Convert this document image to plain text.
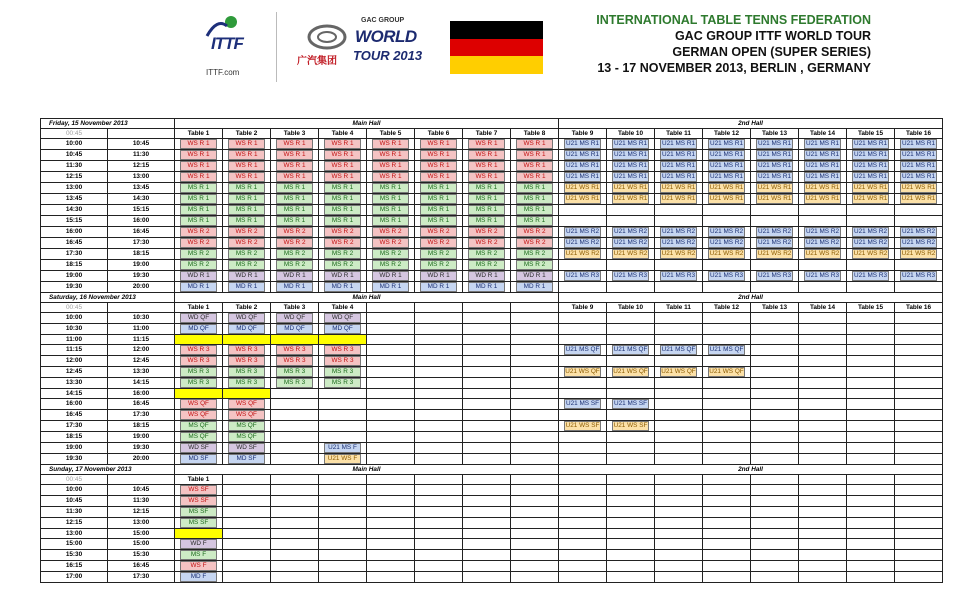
ITTF
ITTF.com
GAC GROUP
WORLD
TOUR 2013
广汽集团
INTERNATIONAL TABLE TENNS FEDERATION
GAC GROUP ITTF WORLD TOUR
GERMAN OPEN (SUPER SERIES)
13 - 17 NOVEMBER 2013, BERLIN , GERMANY
Friday, 15 November 2013		Main Hall								2nd Hall							
00:45		Table 1	Table 2	Table 3	Table 4	Table 5	Table 6	Table 7	Table 8	Table 9	Table 10	Table 11	Table 12	Table 13	Table 14	Table 15	Table 16
10:00	10:45	WS R 1	WS R 1	WS R 1	WS R 1	WS R 1	WS R 1	WS R 1	WS R 1	U21 MS R1	U21 MS R1	U21 MS R1	U21 MS R1	U21 MS R1	U21 MS R1	U21 MS R1	U21 MS R1

10:45	11:30	WS R 1	WS R 1	WS R 1	WS R 1	WS R 1	WS R 1	WS R 1	WS R 1	U21 MS R1	U21 MS R1	U21 MS R1	U21 MS R1	U21 MS R1	U21 MS R1	U21 MS R1	U21 MS R1

11:30	12:15	WS R 1	WS R 1	WS R 1	WS R 1	WS R 1	WS R 1	WS R 1	WS R 1	U21 MS R1	U21 MS R1	U21 MS R1	U21 MS R1	U21 MS R1	U21 MS R1	U21 MS R1	U21 MS R1

12:15	13:00	WS R 1	WS R 1	WS R 1	WS R 1	WS R 1	WS R 1	WS R 1	WS R 1	U21 MS R1	U21 MS R1	U21 MS R1	U21 MS R1	U21 MS R1	U21 MS R1	U21 MS R1	U21 MS R1

13:00	13:45	MS R 1	MS R 1	MS R 1	MS R 1	MS R 1	MS R 1	MS R 1	MS R 1	U21 WS R1	U21 WS R1	U21 WS R1	U21 WS R1	U21 WS R1	U21 WS R1	U21 WS R1	U21 WS R1

13:45	14:30	MS R 1	MS R 1	MS R 1	MS R 1	MS R 1	MS R 1	MS R 1	MS R 1	U21 WS R1	U21 WS R1	U21 WS R1	U21 WS R1	U21 WS R1	U21 WS R1	U21 WS R1	U21 WS R1

14:30	15:15	MS R 1	MS R 1	MS R 1	MS R 1	MS R 1	MS R 1	MS R 1	MS R 1								

15:15	16:00	MS R 1	MS R 1	MS R 1	MS R 1	MS R 1	MS R 1	MS R 1	MS R 1								

16:00	16:45	WS R 2	WS R 2	WS R 2	WS R 2	WS R 2	WS R 2	WS R 2	WS R 2	U21 MS R2	U21 MS R2	U21 MS R2	U21 MS R2	U21 MS R2	U21 MS R2	U21 MS R2	U21 MS R2

16:45	17:30	WS R 2	WS R 2	WS R 2	WS R 2	WS R 2	WS R 2	WS R 2	WS R 2	U21 MS R2	U21 MS R2	U21 MS R2	U21 MS R2	U21 MS R2	U21 MS R2	U21 MS R2	U21 MS R2

17:30	18:15	MS R 2	MS R 2	MS R 2	MS R 2	MS R 2	MS R 2	MS R 2	MS R 2	U21 WS R2	U21 WS R2	U21 WS R2	U21 WS R2	U21 WS R2	U21 WS R2	U21 WS R2	U21 WS R2

18:15	19:00	MS R 2	MS R 2	MS R 2	MS R 2	MS R 2	MS R 2	MS R 2	MS R 2								

19:00	19:30	WD R 1	WD R 1	WD R 1	WD R 1	WD R 1	WD R 1	WD R 1	WD R 1	U21 MS R3	U21 MS R3	U21 MS R3	U21 MS R3	U21 MS R3	U21 MS R3	U21 MS R3	U21 MS R3

19:30	20:00	MD R 1	MD R 1	MD R 1	MD R 1	MD R 1	MD R 1	MD R 1	MD R 1								

Saturday, 16 November 2013		Main Hall								2nd Hall							
00:45		Table 1	Table 2	Table 3	Table 4					Table 9	Table 10	Table 11	Table 12	Table 13	Table 14	Table 15	Table 16
10:00	10:30	WD QF	WD QF	WD QF	WD QF												

10:30	11:00	MD QF	MD QF	MD QF	MD QF												

11:00	11:15																
11:15	12:00	WS R 3	WS R 3	WS R 3	WS R 3					U21 MS QF	U21 MS QF	U21 MS QF	U21 MS QF				

12:00	12:45	WS R 3	WS R 3	WS R 3	WS R 3												

12:45	13:30	MS R 3	MS R 3	MS R 3	MS R 3					U21 WS QF	U21 WS QF	U21 WS QF	U21 WS QF				

13:30	14:15	MS R 3	MS R 3	MS R 3	MS R 3												

14:15	16:00																
16:00	16:45	WS QF	WS QF							U21 MS SF	U21 MS SF						

16:45	17:30	WS QF	WS QF														

17:30	18:15	MS QF	MS QF							U21 WS SF	U21 WS SF						

18:15	19:00	MS QF	MS QF														

19:00	19:30	WD SF	WD SF		U21 MS F												

19:30	20:00	MD SF	MD SF		U21 WS F												

Sunday, 17 November 2013		Main Hall								2nd Hall							
00:45		Table 1															
10:00	10:45	WS SF															

10:45	11:30	WS SF															

11:30	12:15	MS SF															

12:15	13:00	MS SF															

13:00	15:00																
15:00	15:00	WD F															

15:30	15:30	MS F															

16:15	16:45	WS F															

17:00	17:30	MD F															
